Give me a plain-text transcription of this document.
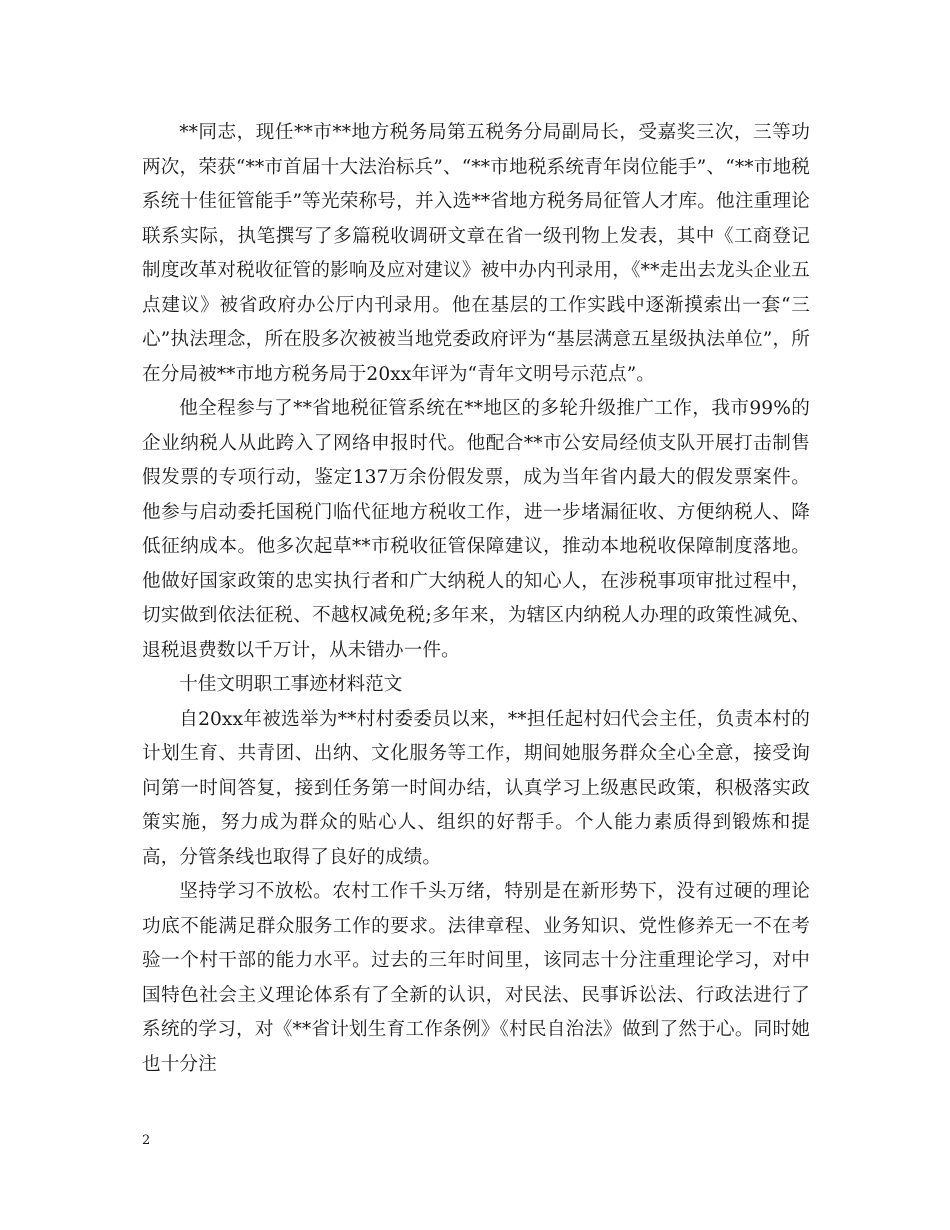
**同志，现任**市**地方税务局第五税务分局副局长，受嘉奖三次，三等功两次，荣获“**市首届十大法治标兵”、“**市地税系统青年岗位能手”、“**市地税系统十佳征管能手”等光荣称号，并入选**省地方税务局征管人才库。他注重理论联系实际，执笔撰写了多篇税收调研文章在省一级刊物上发表，其中《工商登记制度改革对税收征管的影响及应对建议》被中办内刊录用，《**走出去龙头企业五点建议》被省政府办公厅内刊录用。他在基层的工作实践中逐渐摸索出一套“三心”执法理念，所在股多次被被当地党委政府评为“基层满意五星级执法单位”，所在分局被**市地方税务局于20xx年评为“青年文明号示范点”。

他全程参与了**省地税征管系统在**地区的多轮升级推广工作，我市99%的企业纳税人从此跨入了网络申报时代。他配合**市公安局经侦支队开展打击制售假发票的专项行动，鉴定137万余份假发票，成为当年省内最大的假发票案件。他参与启动委托国税门临代征地方税收工作，进一步堵漏征收、方便纳税人、降低征纳成本。他多次起草**市税收征管保障建议，推动本地税收保障制度落地。他做好国家政策的忠实执行者和广大纳税人的知心人，在涉税事项审批过程中，切实做到依法征税、不越权减免税;多年来，为辖区内纳税人办理的政策性减免、退税退费数以千万计，从未错办一件。

十佳文明职工事迹材料范文

自20xx年被选举为**村村委委员以来，**担任起村妇代会主任，负责本村的计划生育、共青团、出纳、文化服务等工作，期间她服务群众全心全意，接受询问第一时间答复，接到任务第一时间办结，认真学习上级惠民政策，积极落实政策实施，努力成为群众的贴心人、组织的好帮手。个人能力素质得到锻炼和提高，分管条线也取得了良好的成绩。

坚持学习不放松。农村工作千头万绪，特别是在新形势下，没有过硬的理论功底不能满足群众服务工作的要求。法律章程、业务知识、党性修养无一不在考验一个村干部的能力水平。过去的三年时间里，该同志十分注重理论学习，对中国特色社会主义理论体系有了全新的认识，对民法、民事诉讼法、行政法进行了系统的学习，对《**省计划生育工作条例》《村民自治法》做到了然于心。同时她也十分注

2
